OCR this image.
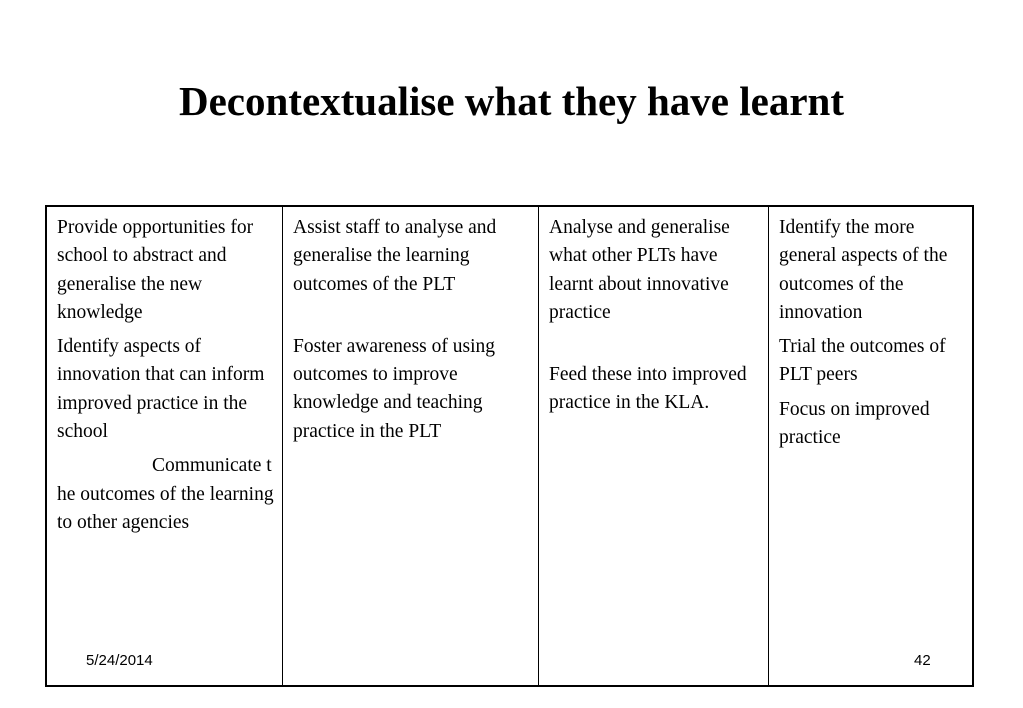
Decontextualise what they have learnt

Provide opportunities for school to abstract and generalise the new knowledge

Identify aspects of innovation that can inform improved practice in the school

Communicate the outcomes of the learning to other agencies

Assist staff to analyse and generalise the learning outcomes of the PLT

Foster awareness of using outcomes to improve knowledge and teaching practice in the PLT

Analyse and generalise what other PLTs have learnt about innovative practice

Feed these into improved practice in the KLA.

Identify the more general aspects of the outcomes of the innovation

Trial the outcomes of PLT peers

Focus on improved practice

5/24/2014	42
